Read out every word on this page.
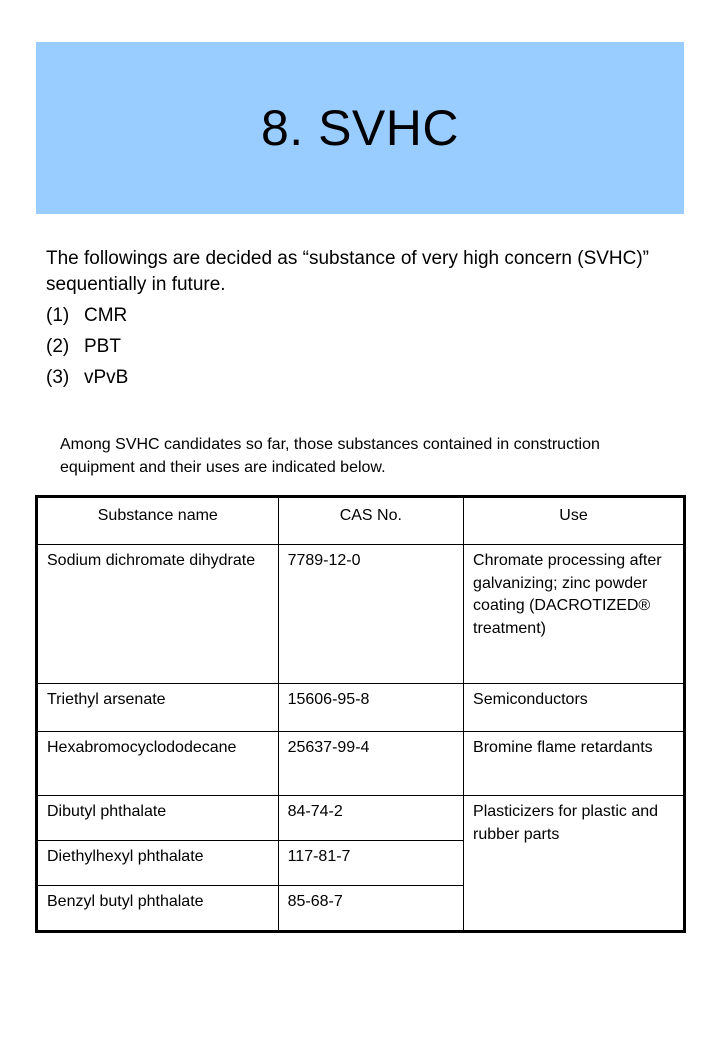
8. SVHC

The followings are decided as “substance of very high concern (SVHC)” sequentially in future.

(1) CMR
(2) PBT
(3) vPvB
Among SVHC candidates so far, those substances contained in construction equipment and their uses are indicated below.
Substance name	CAS No.	Use
Sodium dichromate dihydrate	7789-12-0	Chromate processing after galvanizing; zinc powder coating (DACROTIZED® treatment)
Triethyl arsenate	15606-95-8	Semiconductors
Hexabromocyclododecane	25637-99-4	Bromine flame retardants
Dibutyl phthalate	84-74-2	Plasticizers for plastic and rubber parts
Diethylhexyl phthalate	117-81-7	
Benzyl butyl phthalate	85-68-7	
